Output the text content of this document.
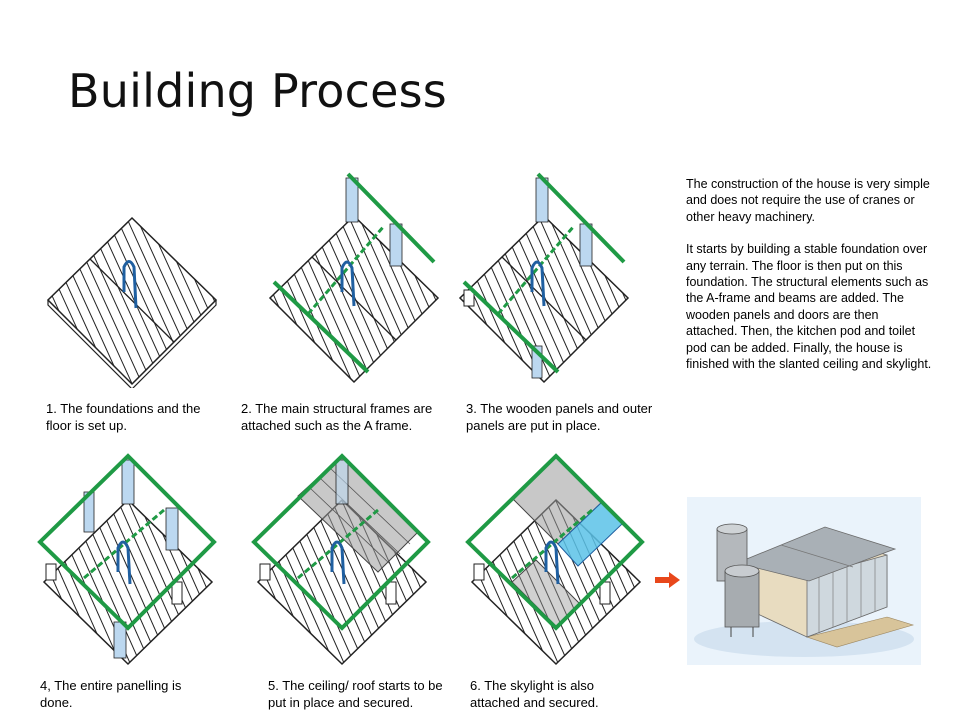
Building Process
1. The foundations and the floor is set up.
2. The main structural frames are attached such as the A frame.
3. The wooden panels and outer panels are put in place.
4, The entire panelling is done.
5. The ceiling/ roof starts to be put in place and secured.
6. The skylight is also attached and secured.

The construction of the house is very simple and does not require the use of cranes or other heavy machinery.

It starts by building a stable foundation over any terrain. The floor is then put on this foundation. The structural elements such as the A-frame and beams are added. The wooden panels and doors are then attached. Then, the kitchen pod and toilet pod can be added. Finally, the house is finished with the slanted ceiling and skylight.
